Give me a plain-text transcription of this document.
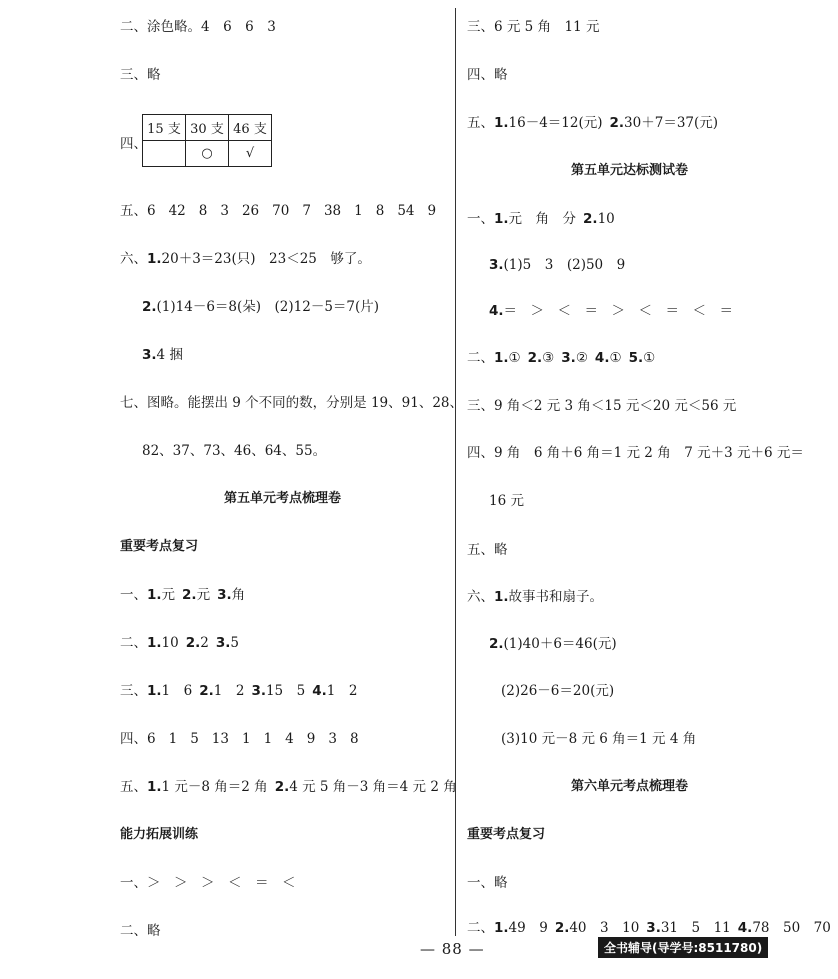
二、涂色略。4　6　6　3
三、略
四、
15 支	30 支	46 支
	○	√
五、6 42 8 3 26 70 7 38 1 8 54 9
六、1.20＋3＝23(只)　23＜25　够了。
2.(1)14－6＝8(朵)　(2)12－5＝7(片)
3.4 捆
七、图略。能摆出 9 个不同的数，分别是 19、91、28、
82、37、73、46、64、55。
第五单元考点梳理卷
重要考点复习
一、1.元 2.元 3.角
二、1.10 2.2 3.5
三、1.1　6 2.1　2 3.15　5 4.1　2
四、6 1 5 13 1 1 4 9 3 8
五、1.1 元－8 角＝2 角 2.4 元 5 角－3 角＝4 元 2 角
能力拓展训练
一、＞　＞　＞　＜　＝　＜
二、略
三、6 元 5 角　11 元
四、略
五、1.16－4＝12(元) 2.30＋7＝37(元)
第五单元达标测试卷
一、1.元　角　分 2.10
3.(1)5　3　(2)50　9
4.＝　＞　＜　＝　＞　＜　＝　＜　＝
二、1.① 2.③ 3.② 4.① 5.①
三、9 角＜2 元 3 角＜15 元＜20 元＜56 元
四、9 角　6 角＋6 角＝1 元 2 角　7 元＋3 元＋6 元＝
16 元
五、略
六、1.故事书和扇子。
2.(1)40＋6＝46(元)
(2)26－6＝20(元)
(3)10 元－8 元 6 角＝1 元 4 角
第六单元考点梳理卷
重要考点复习
一、略
二、1.49　9 2.40　3　10 3.31　5　11 4.78　50　70
— 88 —	全书辅导(导学号:8511780)
